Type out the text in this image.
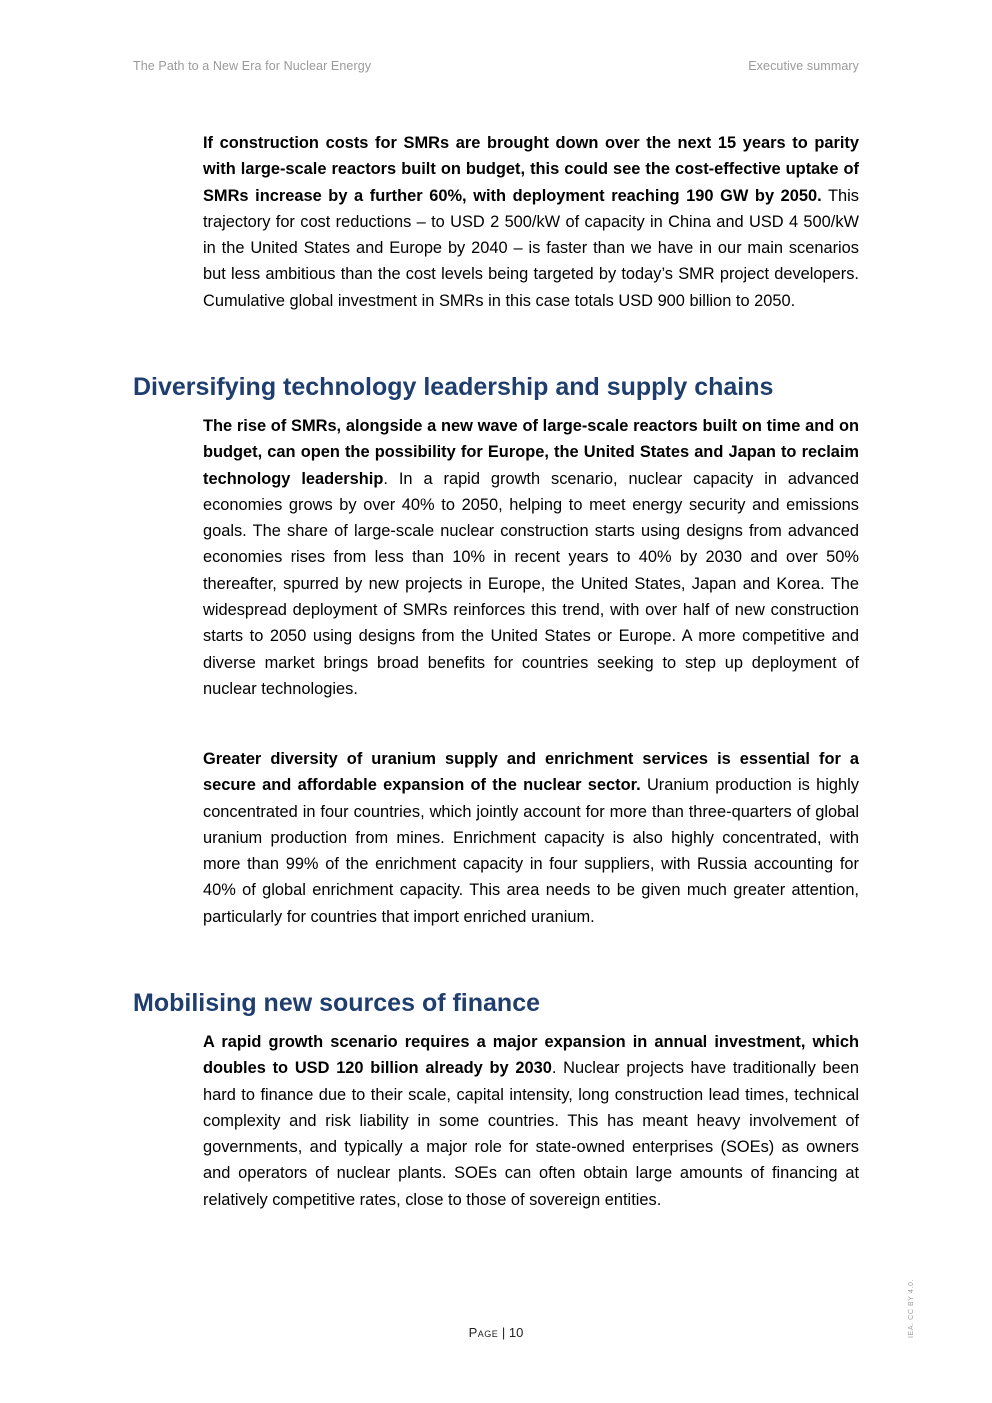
The Path to a New Era for Nuclear Energy	Executive summary

If construction costs for SMRs are brought down over the next 15 years to parity with large-scale reactors built on budget, this could see the cost-effective uptake of SMRs increase by a further 60%, with deployment reaching 190 GW by 2050. This trajectory for cost reductions – to USD 2 500/kW of capacity in China and USD 4 500/kW in the United States and Europe by 2040 – is faster than we have in our main scenarios but less ambitious than the cost levels being targeted by today’s SMR project developers. Cumulative global investment in SMRs in this case totals USD 900 billion to 2050.

Diversifying technology leadership and supply chains

The rise of SMRs, alongside a new wave of large-scale reactors built on time and on budget, can open the possibility for Europe, the United States and Japan to reclaim technology leadership. In a rapid growth scenario, nuclear capacity in advanced economies grows by over 40% to 2050, helping to meet energy security and emissions goals. The share of large-scale nuclear construction starts using designs from advanced economies rises from less than 10% in recent years to 40% by 2030 and over 50% thereafter, spurred by new projects in Europe, the United States, Japan and Korea. The widespread deployment of SMRs reinforces this trend, with over half of new construction starts to 2050 using designs from the United States or Europe. A more competitive and diverse market brings broad benefits for countries seeking to step up deployment of nuclear technologies.

Greater diversity of uranium supply and enrichment services is essential for a secure and affordable expansion of the nuclear sector. Uranium production is highly concentrated in four countries, which jointly account for more than three-quarters of global uranium production from mines. Enrichment capacity is also highly concentrated, with more than 99% of the enrichment capacity in four suppliers, with Russia accounting for 40% of global enrichment capacity. This area needs to be given much greater attention, particularly for countries that import enriched uranium.

Mobilising new sources of finance

A rapid growth scenario requires a major expansion in annual investment, which doubles to USD 120 billion already by 2030. Nuclear projects have traditionally been hard to finance due to their scale, capital intensity, long construction lead times, technical complexity and risk liability in some countries. This has meant heavy involvement of governments, and typically a major role for state-owned enterprises (SOEs) as owners and operators of nuclear plants. SOEs can often obtain large amounts of financing at relatively competitive rates, close to those of sovereign entities.

Page | 10	IEA. CC BY 4.0.
